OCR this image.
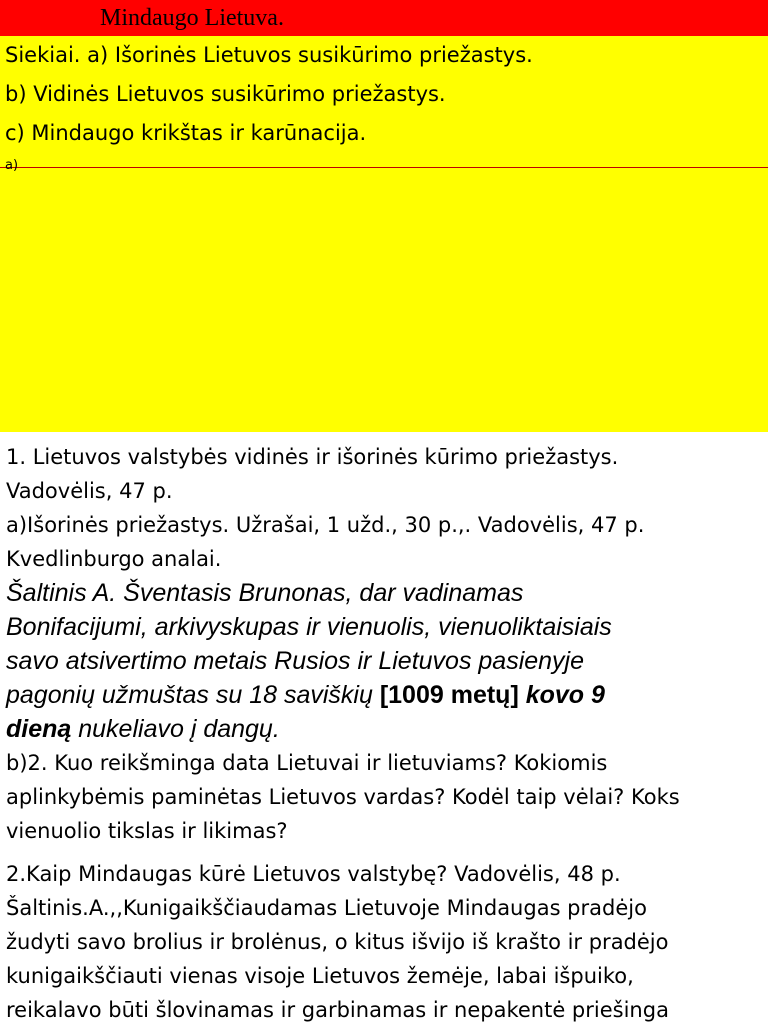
Mindaugo Lietuva.
Siekiai. a) Išorinės Lietuvos susikūrimo priežastys.
b) Vidinės Lietuvos susikūrimo priežastys.
c) Mindaugo krikštas ir karūnacija.
a)
1. Lietuvos valstybės vidinės ir išorinės kūrimo priežastys.
Vadovėlis, 47 p.
a)Išorinės priežastys. Užrašai, 1 užd., 30 p.,. Vadovėlis, 47 p.
Kvedlinburgo analai.
Šaltinis A. Šventasis Brunonas, dar vadinamas
Bonifacijumi, arkivyskupas ir vienuolis, vienuoliktaisiais
savo atsivertimo metais Rusios ir Lietuvos pasienyje
pagonių užmuštas su 18 saviškių [1009 metų] kovo 9
dieną nukeliavo į dangų.
b)2. Kuo reikšminga data Lietuvai ir lietuviams? Kokiomis
aplinkybėmis paminėtas Lietuvos vardas? Kodėl taip vėlai? Koks
vienuolio tikslas ir likimas?
2.Kaip Mindaugas kūrė Lietuvos valstybę? Vadovėlis, 48 p.
Šaltinis.A.,,Kunigaikščiaudamas Lietuvoje Mindaugas pradėjo
žudyti savo brolius ir brolėnus, o kitus išvijo iš krašto ir pradėjo
kunigaikščiauti vienas visoje Lietuvos žemėje, labai išpuiko,
reikalavo būti šlovinamas ir garbinamas ir nepakentė priešinga
